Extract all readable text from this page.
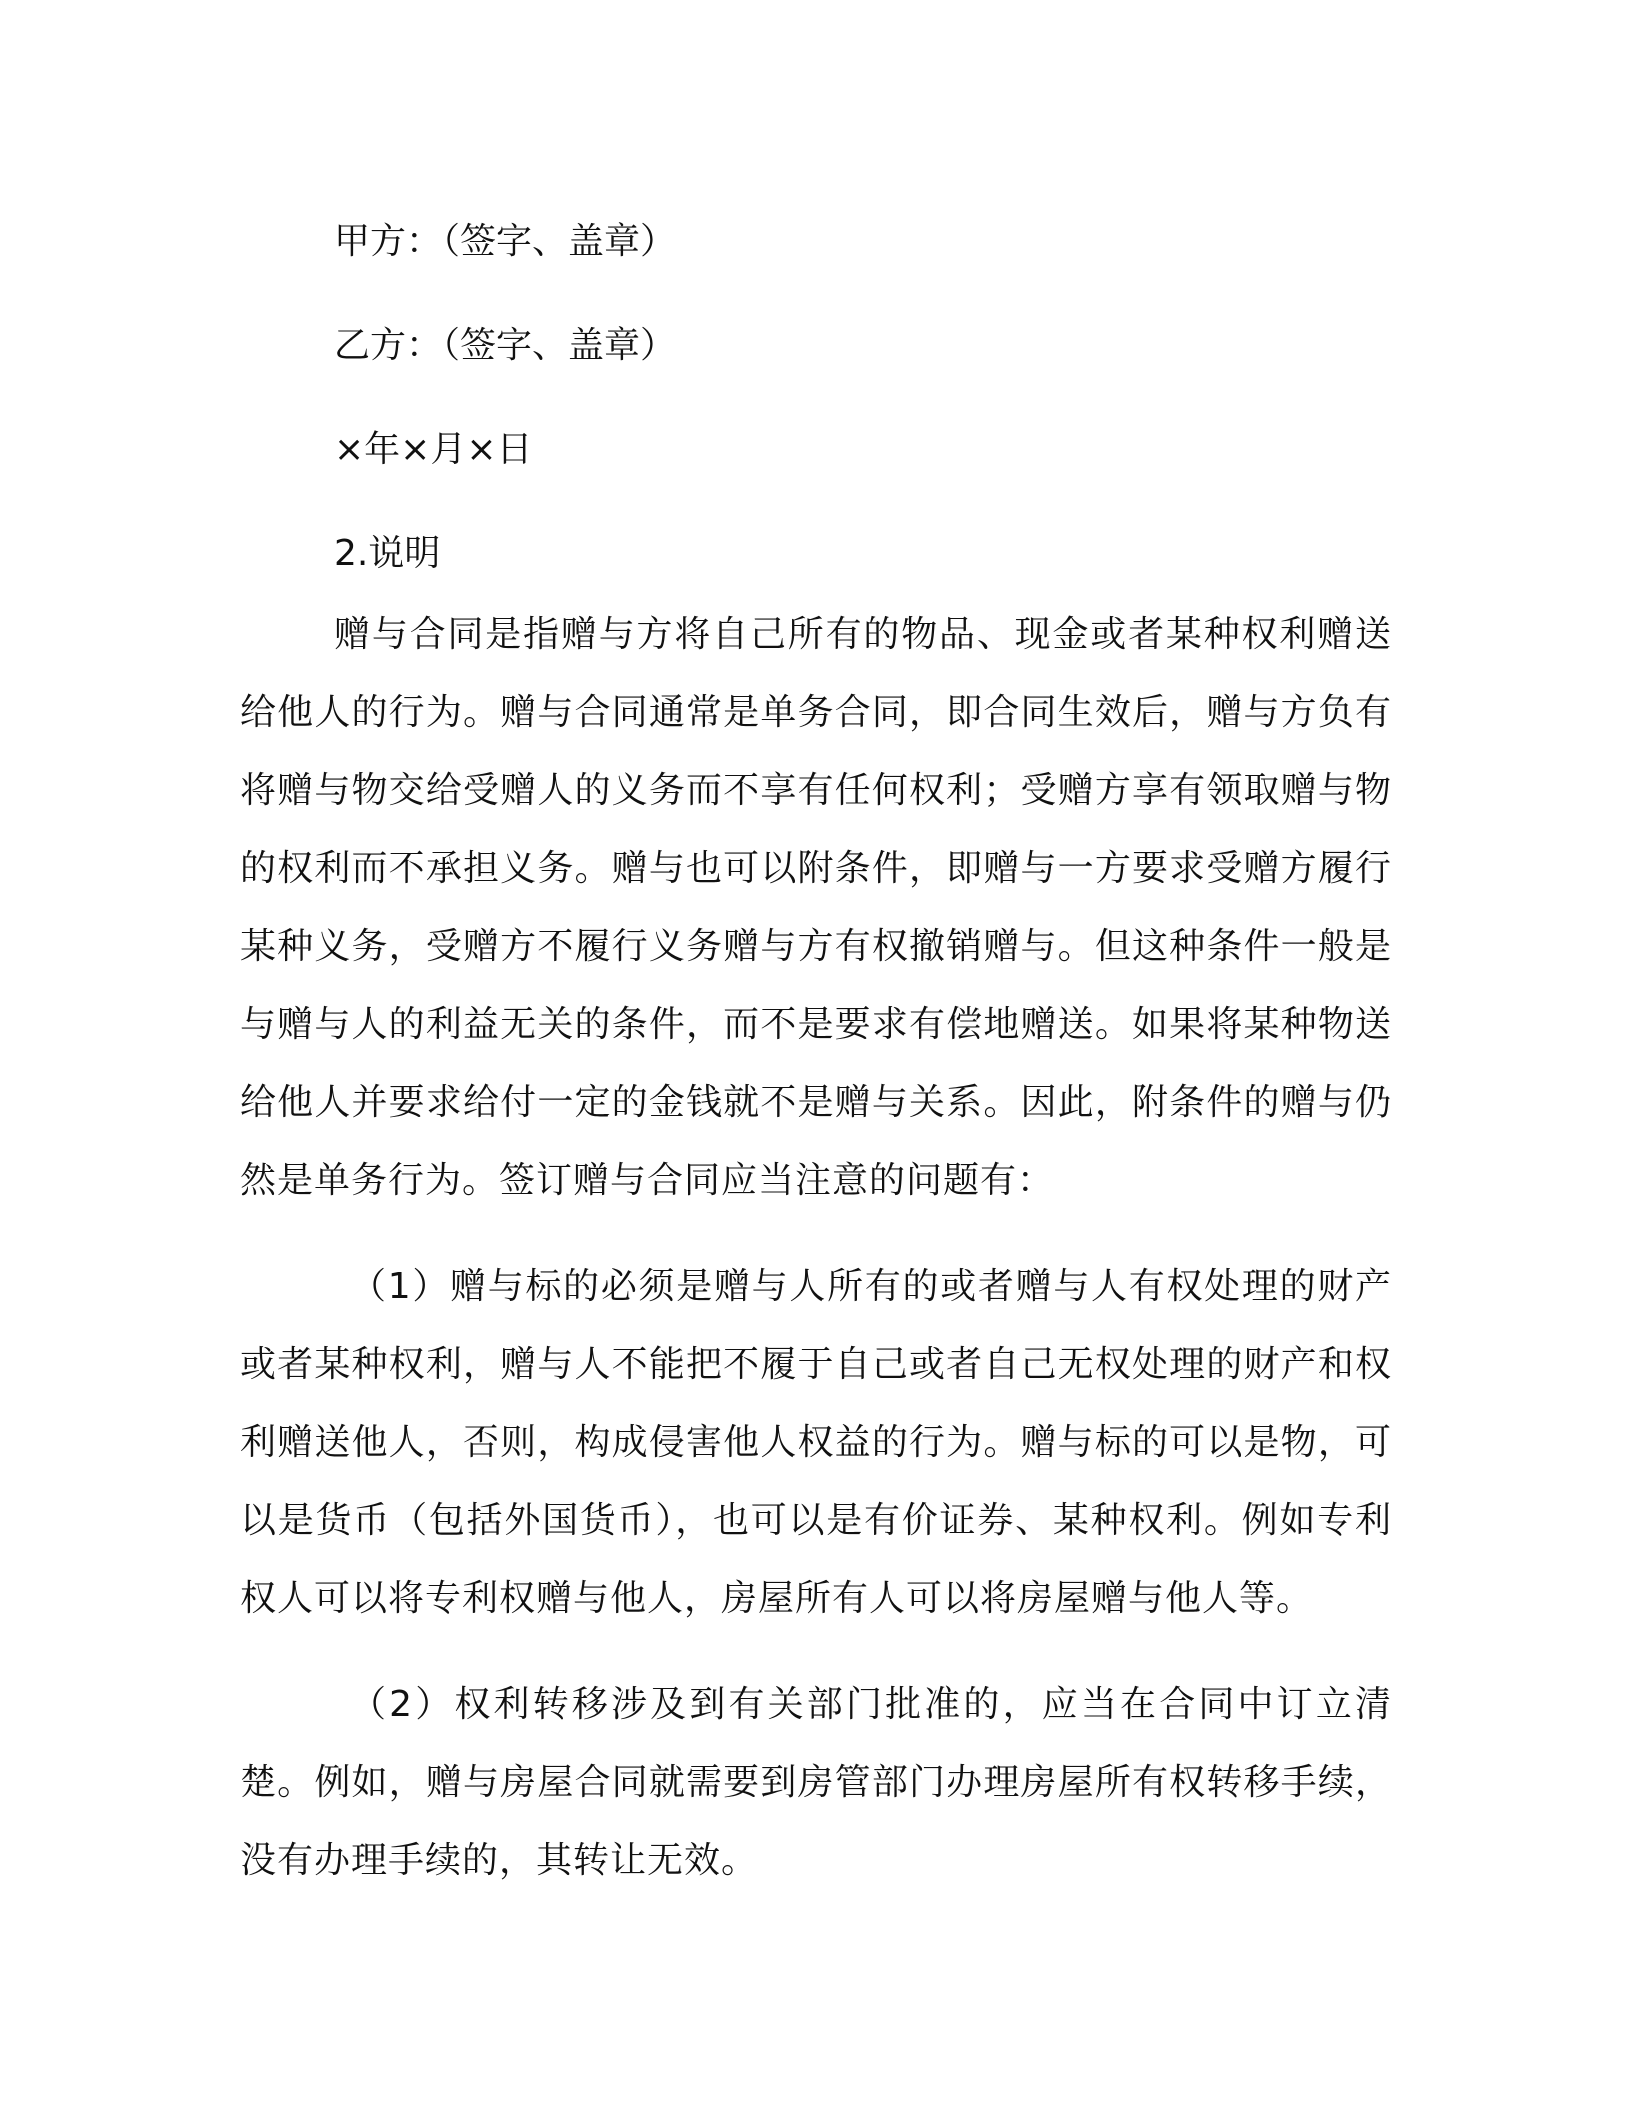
甲方：（签字、盖章）
乙方：（签字、盖章）
×年×月×日
2.说明

赠与合同是指赠与方将自己所有的物品、现金或者某种权利赠送给他人的行为。赠与合同通常是单务合同，即合同生效后，赠与方负有将赠与物交给受赠人的义务而不享有任何权利；受赠方享有领取赠与物的权利而不承担义务。赠与也可以附条件，即赠与一方要求受赠方履行某种义务，受赠方不履行义务赠与方有权撤销赠与。但这种条件一般是与赠与人的利益无关的条件，而不是要求有偿地赠送。如果将某种物送给他人并要求给付一定的金钱就不是赠与关系。因此，附条件的赠与仍然是单务行为。签订赠与合同应当注意的问题有：

（1）赠与标的必须是赠与人所有的或者赠与人有权处理的财产或者某种权利，赠与人不能把不履于自己或者自己无权处理的财产和权利赠送他人，否则，构成侵害他人权益的行为。赠与标的可以是物，可以是货币（包括外国货币），也可以是有价证券、某种权利。例如专利权人可以将专利权赠与他人，房屋所有人可以将房屋赠与他人等。

（2）权利转移涉及到有关部门批准的，应当在合同中订立清楚。例如，赠与房屋合同就需要到房管部门办理房屋所有权转移手续，没有办理手续的，其转让无效。
